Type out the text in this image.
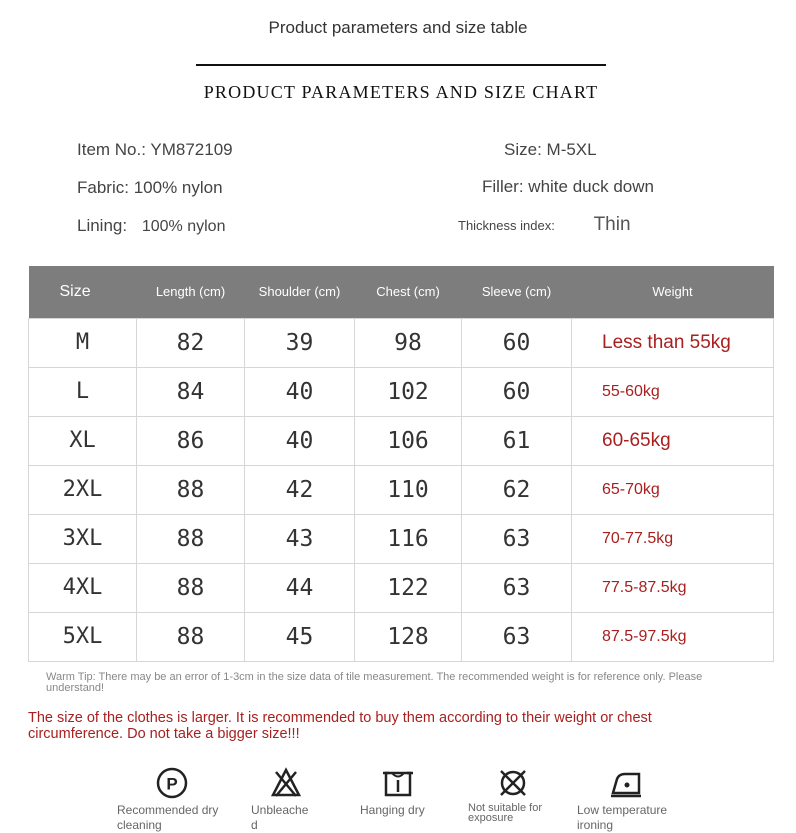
Product parameters and size table
PRODUCT PARAMETERS AND SIZE CHART
Item No.: YM872109	Size: M-5XL
Fabric: 100% nylon	Filler: white duck down
Lining: 100% nylon	Thickness index: Thin
Size	Length (cm)	Shoulder (cm)	Chest (cm)	Sleeve (cm)	Weight
M	82	39	98	60	Less than 55kg
L	84	40	102	60	55-60kg
XL	86	40	106	61	60-65kg
2XL	88	42	110	62	65-70kg
3XL	88	43	116	63	70-77.5kg
4XL	88	44	122	63	77.5-87.5kg
5XL	88	45	128	63	87.5-97.5kg
Warm Tip: There may be an error of 1-3cm in the size data of tile measurement. The recommended weight is for reference only. Please understand!
The size of the clothes is larger. It is recommended to buy them according to their weight or chest circumference. Do not take a bigger size!!!
P
Recommended dry cleaning
Unbleached
Hanging dry	Not suitable for exposure
Low temperature ironing
